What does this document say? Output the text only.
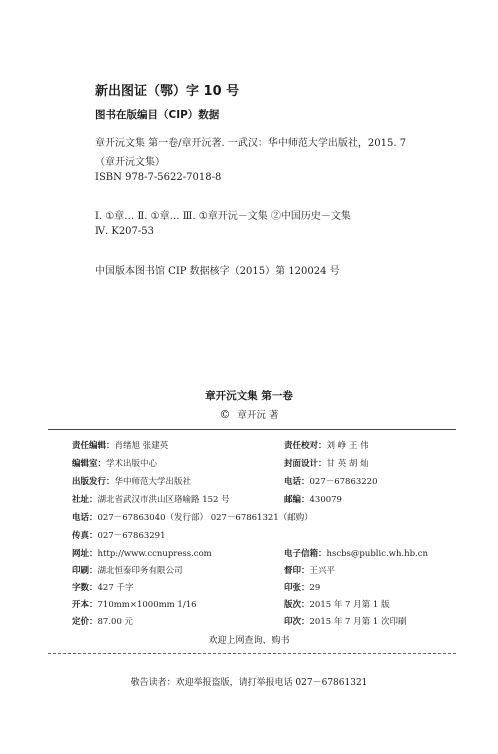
新出图证（鄂）字 10 号
图书在版编目（CIP）数据
章开沅文集 第一卷/章开沅著. 一武汉：华中师范大学出版社，2015. 7
（章开沅文集）
ISBN 978-7-5622-7018-8
Ⅰ. ①章… Ⅱ. ①章… Ⅲ. ①章开沅－文集 ②中国历史－文集
Ⅳ. K207-53
中国版本图书馆 CIP 数据核字（2015）第 120024 号
章开沅文集 第一卷
© 章开沅 著
责任编辑：肖绪旭 张建英
编辑室：学术出版中心
出版发行：华中师范大学出版社
社址：湖北省武汉市洪山区珞喻路 152 号
电话：027－67863040（发行部） 027－67861321（邮购）
传真：027－67863291
网址：http://www.ccnupress.com
印刷：湖北恒泰印务有限公司
字数：427 千字
开本：710mm×1000mm 1/16
定价：87.00 元
责任校对：刘 峥 王 伟
封面设计：甘 英 胡 灿
电话：027－67863220
邮编：430079
电子信箱：hscbs@public.wh.hb.cn
督印：王兴平
印张：29
版次：2015 年 7 月第 1 版
印次：2015 年 7 月第 1 次印刷
欢迎上网查询、购书
敬告读者：欢迎举报盗版，请打举报电话 027－67861321
